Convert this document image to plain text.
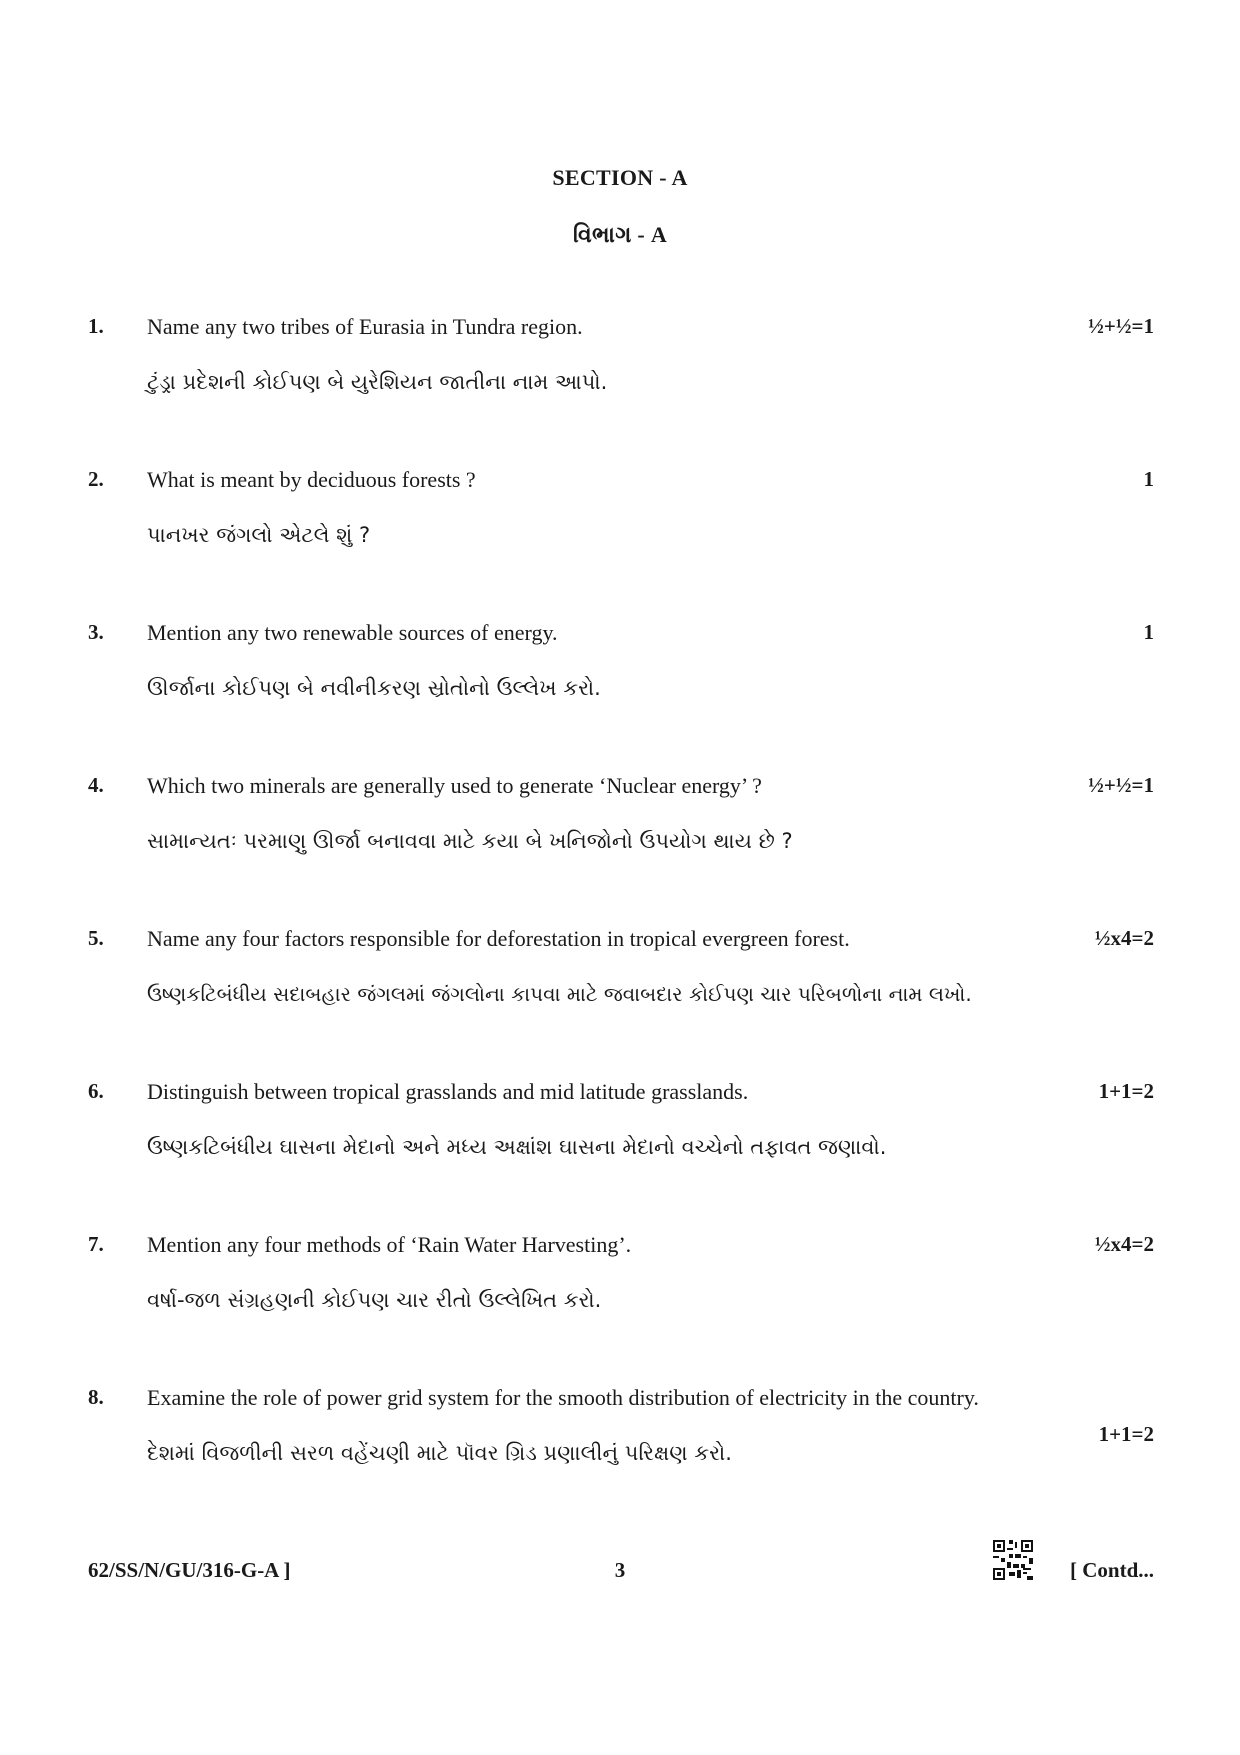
SECTION - A
વિભાગ - A
1. Name any two tribes of Eurasia in Tundra region.	½+½=1
ટુંડ્રા પ્રદેશની કોઈપણ બે યુરેશિયન જાતીના નામ આપો.
2. What is meant by deciduous forests ?	1
પાનખર જંગલો એટલે શું ?
3. Mention any two renewable sources of energy.	1
ઊર્જાના કોઈપણ બે નવીનીકરણ સ્રોતોનો ઉલ્લેખ કરો.
4. Which two minerals are generally used to generate ‘Nuclear energy’ ?	½+½=1
સામાન્યતઃ પરમાણુ ઊર્જા બનાવવા માટે કયા બે ખનિજોનો ઉપયોગ થાય છે ?
5. Name any four factors responsible for deforestation in tropical evergreen forest.	½x4=2
ઉષ્ણકટિબંધીય સદાબહાર જંગલમાં જંગલોના કાપવા માટે જવાબદાર કોઈપણ ચાર પરિબળોના નામ લખો.
6. Distinguish between tropical grasslands and mid latitude grasslands.	1+1=2
ઉષ્ણકટિબંધીય ઘાસના મેદાનો અને મધ્ય અક્ષાંશ ઘાસના મેદાનો વચ્ચેનો તફાવત જણાવો.
7. Mention any four methods of ‘Rain Water Harvesting’.	½x4=2
વર્ષા-જળ સંગ્રહણની કોઈપણ ચાર રીતો ઉલ્લેખિત કરો.
8. Examine the role of power grid system for the smooth distribution of electricity in the country.
1+1=2
દેશમાં વિજળીની સરળ વહેંચણી માટે પૉવર ગ્રિડ પ્રણાલીનું પરિક્ષણ કરો.
62/SS/N/GU/316-G-A ]	3	[ Contd...
